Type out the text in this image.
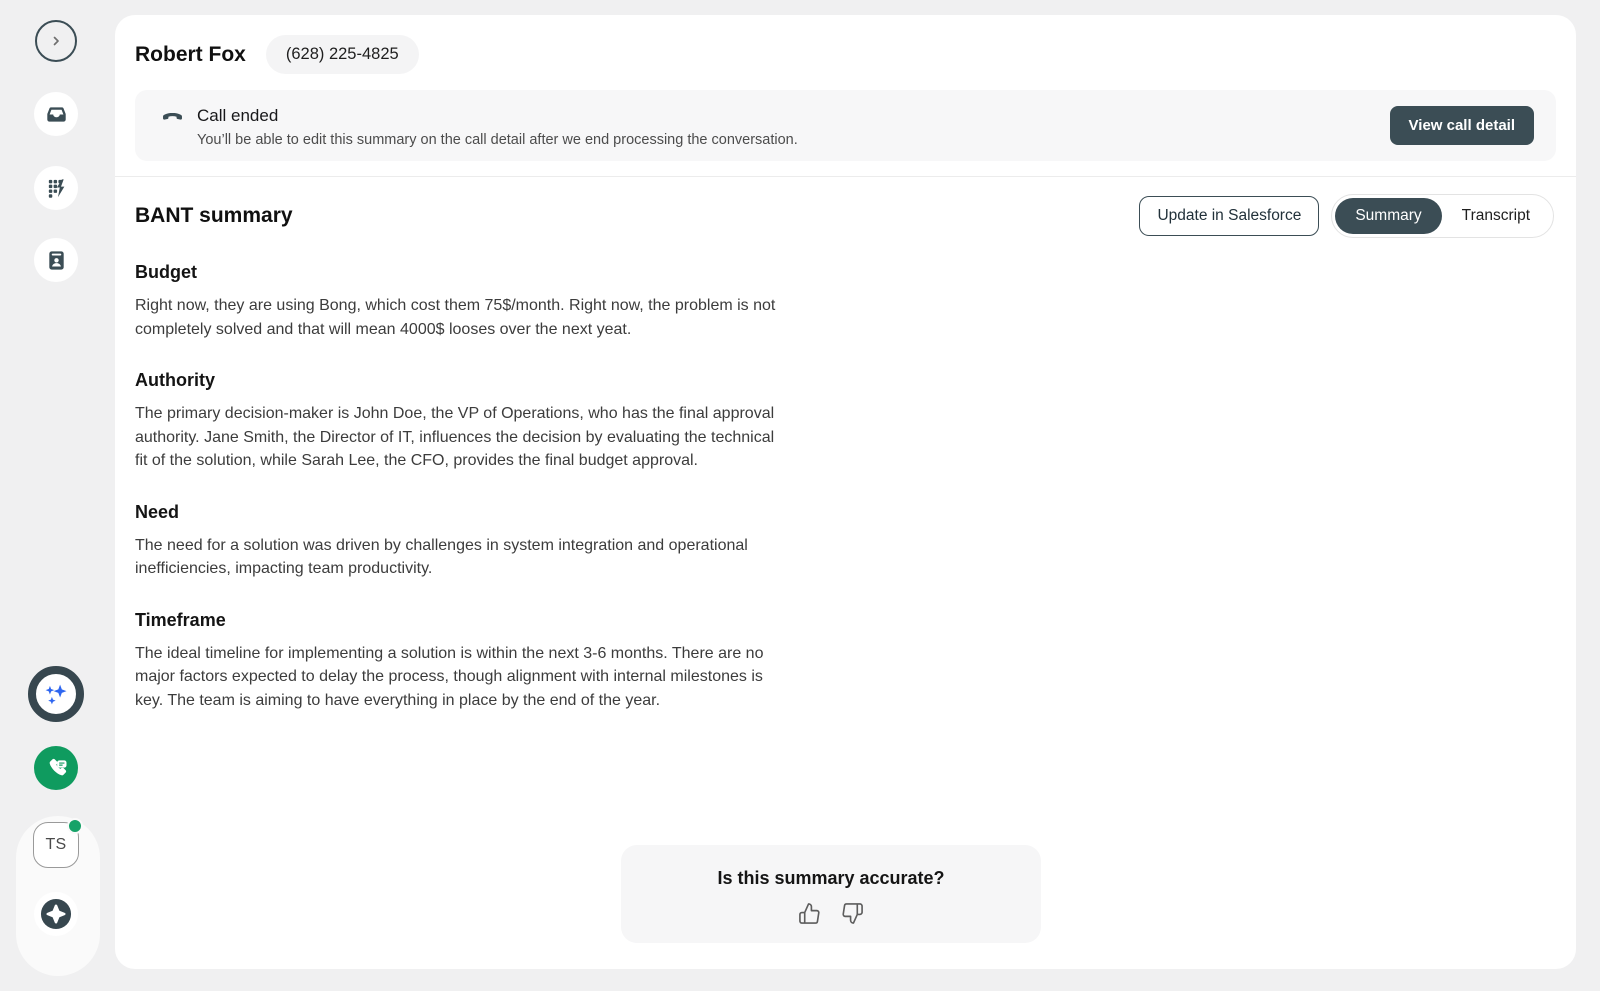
TS
Robert Fox	(628) 225-4825
Call ended
You’ll be able to edit this summary on the call detail after we end processing the conversation.
View call detail
BANT summary	Update in Salesforce	Summary	Transcript
Budget

Right now, they are using Bong, which cost them 75$/month. Right now, the problem is not completely solved and that will mean 4000$ looses over the next yeat.

Authority

The primary decision-maker is John Doe, the VP of Operations, who has the final approval authority. Jane Smith, the Director of IT, influences the decision by evaluating the technical fit of the solution, while Sarah Lee, the CFO, provides the final budget approval.

Need

The need for a solution was driven by challenges in system integration and operational inefficiencies, impacting team productivity.

Timeframe

The ideal timeline for implementing a solution is within the next 3-6 months. There are no major factors expected to delay the process, though alignment with internal milestones is key. The team is aiming to have everything in place by the end of the year.

Is this summary accurate?
